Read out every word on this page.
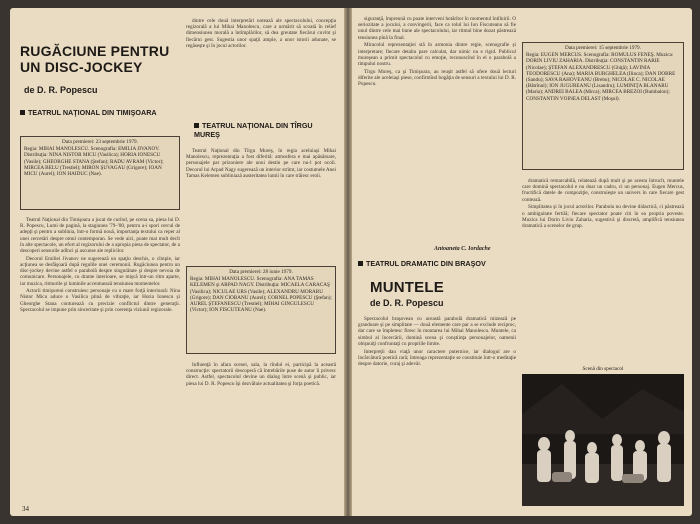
RUGĂCIUNE PENTRU
UN DISC-JOCKEY
de D. R. Popescu
TEATRUL NAŢIONAL DIN TIMIŞOARA
Data premierei: 23 septembrie 1979.
Regia: MIHAI MANOLESCU. Scenografia: EMILIA JIVANOV. Distribuţia: NINA NISTOR MICU (Vasilica); HORIA IONESCU (Vasile); GHEORGHE STANA (Ştefan); RADU AVRAM (Victor); MIRCEA BELU (Trestiel); MIRON ŞUVAGAU (Grigore); IOAN MICU (Aurel); ION HAIDUC (Nae).

Teatrul Naţional din Timişoara a jucat de curînd, pe scena sa, piesa lui D. R. Popescu, Lumi de pagină, la stagiunea '79–'80, pentru a-i spori cercul de adepţi şi pentru a sublinia, într-o formă nouă, importanţa textului ca reper al unei cercetări despre omul contemporan. Se vede aici, poate mai mult decît în alte spectacole, un efort al regizorului de a apropia piesa de spectator, de a descoperi sensurile adînci şi ascunse ale replicilor.

Decorul Emiliei Jivanov ne sugerează un spaţiu deschis, o cîmpie, iar acţiunea se desfăşoară după regulile unei ceremonii. Rugăciunea pentru un disc-jockey devine astfel o parabolă despre singurătate şi despre nevoia de comunicare. Personajele, cu drame interioare, se mişcă într-un ritm aparte, iar muzica, ritmurile şi luminile accentuează tensiunea momentelor.

Actorii timişoreni construiesc personaje cu o mare forţă interioară: Nina Nistor Micu aduce o Vasilica plină de vibraţie, iar Horia Ionescu şi Gheorghe Stana conturează cu precizie conflictul dintre generaţii. Spectacolul se impune prin sinceritate şi prin coerenţa viziunii regizorale.

dintre cele două interpretări notează ale spectacolului, concepţia regizorală a lui Mihai Manolescu, care a urmărit să scoată în relief dimensiunea morală a întîmplărilor, să dea greutate fiecărui cuvînt şi fiecărui gest. Sugestia unor spaţii ample, a unor istorii adunate, se regăseşte şi în jocul actorilor.

TEATRUL NAŢIONAL DIN TÎRGU MUREŞ

Teatrul Naţional din Tîrgu Mureş, în regia aceluiaşi Mihai Manolescu, reprezentaţia a fost diferită: atmosfera e mai apăsătoare, personajele par prizoniere ale unui destin pe care nu-l pot ocoli. Decorul lui Arpad Nagy sugerează un interior strîmt, iar costumele Anei Tamas Kelemen subliniază austeritatea lumii în care trăiesc eroii.

Data premierei: 28 iunie 1979.
Regia: MIHAI MANOLESCU. Scenografia: ANA TAMAS KELEMEN şi ARPAD NAGY. Distribuţia: MICAELA CARACAŞ (Vasilica); NICULAE URS (Vasile); ALEXANDRU MORARU (Grigore); DAN CIOBANU (Aurel); CORNEL POPESCU (Ştefan); AUREL ŞTEFANESCU (Trestiel); MIHAI GINGULESCU (Victor); ION FISCUTEANU (Nae).

Influenţă în afara scenei, sala, la rîndul ei, participă la această construcţie: spectatorii descoperă că întrebările puse de autor îi privesc direct. Astfel, spectacolul devine un dialog între scenă şi public, iar piesa lui D. R. Popescu îşi dezvăluie actualitatea şi forţa poetică.

34

siguranţă, împreună cu poate interveni hotărîtor în momentul întîlnirii. O seriozitate a jocului, a convingerii, face ca rolul lui Ion Fiscuteanu să fie unul dintre cele mai bune ale spectacolului, iar ritmul bine dozat păstrează tensiunea pînă la final.

Miracolul reprezentaţiei stă în armonia dintre regie, scenografie şi interpretare; fiecare detaliu pare calculat, dar nimic nu e rigid. Publicul mureşean a primit spectacolul cu emoţie, recunoscînd în el o parabolă a timpului nostru.

Tîrgu Mureş, ca şi Timişoara, au reuşit astfel să ofere două lecturi diferite ale aceleiaşi piese, confirmînd bogăţia de sensuri a textului lui D. R. Popescu.

Antoaneta C. Iordache
TEATRUL DRAMATIC DIN BRAŞOV
MUNTELE
de D. R. Popescu

Spectacolul braşovean cu această parabolă dramatică mizează pe grandoare şi pe simplitate — două elemente care par a se exclude reciproc, dar care se împletesc firesc în montarea lui Mihai Manolescu. Muntele, ca simbol al încercării, domină scena şi conştiinţa personajelor, oamenii obişnuiţi confruntaţi cu propriile limite.

Interpreţii dau viaţă unor caractere puternice, iar dialogul are o încărcătură poetică rară; întreaga reprezentaţie se constituie într-o meditaţie despre datorie, curaj şi adevăr.

Data premierei: 15 septembrie 1979.
Regia: EUGEN MERCUS. Scenografia: ROMULUS FENEŞ. Muzica: DORIN LIVIU ZAHARIA. Distribuţia: CONSTANTIN RARIE (Nicolae); ŞTEFAN ALEXANDRESCU (Ghiţă); LAVINIA TEODORESCU (Ana); MARIA BURGHELEA (Ilinca); DAN DOBRE (Sandu); SAVA RAHOVEANU (Brebu); NICOLAE C. NICOLAE (Bătrînul); ION JUGUREANU (Lisandru); LUMINIŢA BLANARU (Maria); ANDREI BALEA (Mirca); MIRCEA BREZOI (Bumbalon); CONSTANTIN VOINEA DELAST (Moşul).

dramatică remarcabilă, relatează după mult şi pe acesta întrucît, muntele care domină spectacolul e nu doar un cadru, ci un personaj. Eugen Mercus, fructifică datele de compoziţie, construieşte un univers în care fiecare gest contează.

Simplitatea şi în jocul actorilor. Parabola nu devine didactică, ci păstrează o ambiguitate fertilă; fiecare spectator poate citi în ea propria poveste. Muzica lui Dorin Liviu Zaharia, sugestivă şi discretă, amplifică tensiunea dramatică a scenelor de grup.

Scenă din spectacol
